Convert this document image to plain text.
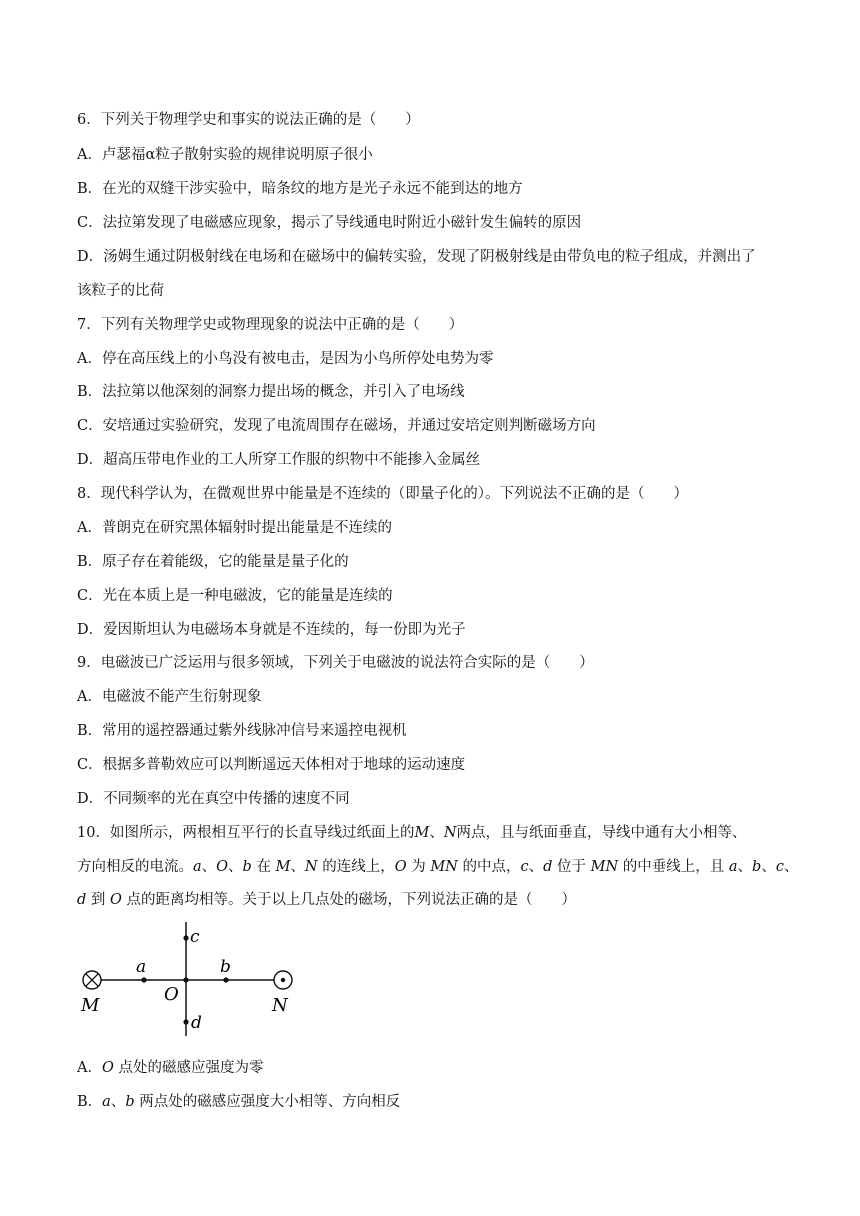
6．下列关于物理学史和事实的说法正确的是（　　）
A．卢瑟福α粒子散射实验的规律说明原子很小
B．在光的双缝干涉实验中，暗条纹的地方是光子永远不能到达的地方
C．法拉第发现了电磁感应现象，揭示了导线通电时附近小磁针发生偏转的原因
D．汤姆生通过阴极射线在电场和在磁场中的偏转实验，发现了阴极射线是由带负电的粒子组成，并测出了
该粒子的比荷
7．下列有关物理学史或物理现象的说法中正确的是（　　）
A．停在高压线上的小鸟没有被电击，是因为小鸟所停处电势为零
B．法拉第以他深刻的洞察力提出场的概念，并引入了电场线
C．安培通过实验研究，发现了电流周围存在磁场，并通过安培定则判断磁场方向
D．超高压带电作业的工人所穿工作服的织物中不能掺入金属丝
8．现代科学认为，在微观世界中能量是不连续的（即量子化的）。下列说法不正确的是（　　）
A．普朗克在研究黑体辐射时提出能量是不连续的
B．原子存在着能级，它的能量是量子化的
C．光在本质上是一种电磁波，它的能量是连续的
D．爱因斯坦认为电磁场本身就是不连续的，每一份即为光子
9．电磁波已广泛运用与很多领域，下列关于电磁波的说法符合实际的是（　　）
A．电磁波不能产生衍射现象
B．常用的遥控器通过紫外线脉冲信号来遥控电视机
C．根据多普勒效应可以判断遥远天体相对于地球的运动速度
D．不同频率的光在真空中传播的速度不同
10．如图所示，两根相互平行的长直导线过纸面上的M、N两点，且与纸面垂直，导线中通有大小相等、
方向相反的电流。a、O、b 在 M、N 的连线上，O 为 MN 的中点，c、d 位于 MN 的中垂线上，且 a、b、c、
d 到 O 点的距离均相等。关于以上几点处的磁场，下列说法正确的是（　　）
c
a	b
M
O
N
d
A．O 点处的磁感应强度为零
B．a、b 两点处的磁感应强度大小相等、方向相反
